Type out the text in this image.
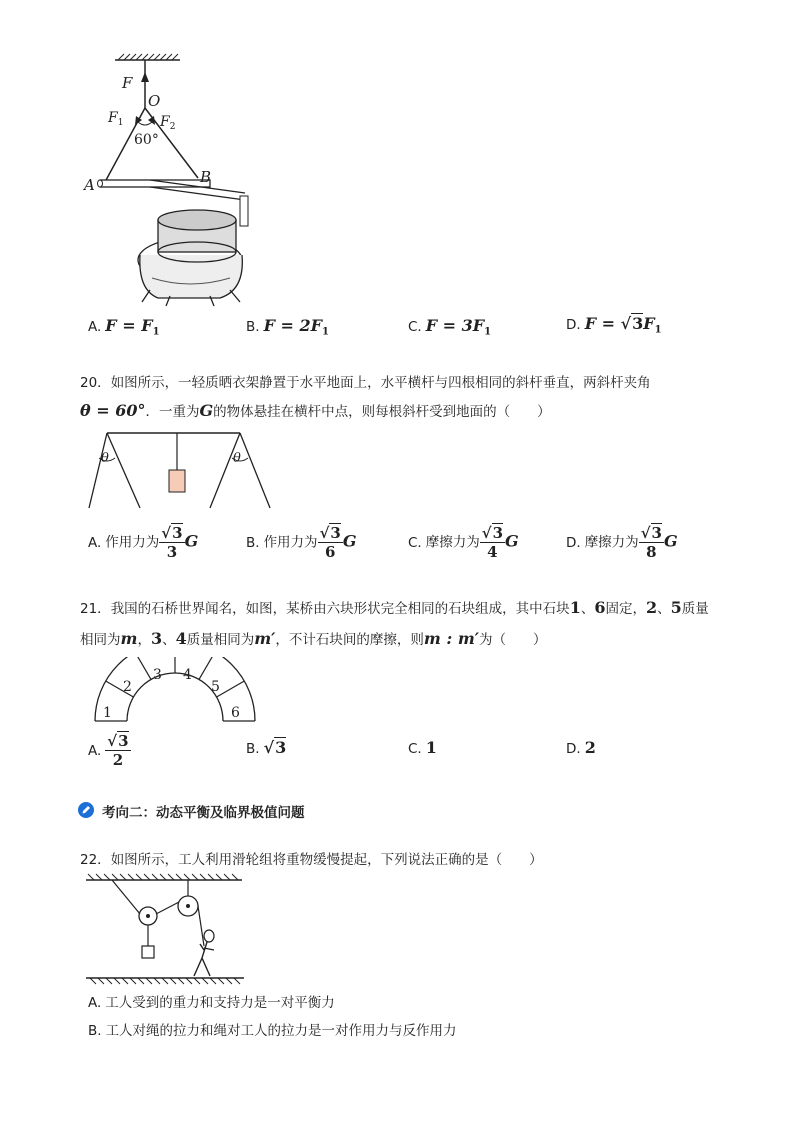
F
O
$F_1$	$F_2$
60°
A	B
A. $F = F_1$	B. $F = 2F_1$	C. $F = 3F_1$	D. $F = √3F_1$
20．如图所示，一轻质晒衣架静置于水平地面上，水平横杆与四根相同的斜杆垂直，两斜杆夹角
θ = 60°．一重为G的物体悬挂在横杆中点，则每根斜杆受到地面的（　　）
θ	θ
A. 作用力为 $\frac{√3}{3}$ G	B. 作用力为 $\frac{√3}{6}$ G	C. 摩擦力为 $\frac{√3}{4}$ G	D. 摩擦力为 $\frac{√3}{8}$ G
21．我国的石桥世界闻名，如图，某桥由六块形状完全相同的石块组成，其中石块1、6固定，2、5质量
相同为m，3、4质量相同为m′，不计石块间的摩擦，则m : m′为（　　）
1
2
3 4
5
6
A. $\frac{√3}{2}$	B. √3	C. 1	D. 2
考向二：动态平衡及临界极值问题
22．如图所示，工人利用滑轮组将重物缓慢提起，下列说法正确的是（　　）
A. 工人受到的重力和支持力是一对平衡力
B. 工人对绳的拉力和绳对工人的拉力是一对作用力与反作用力
